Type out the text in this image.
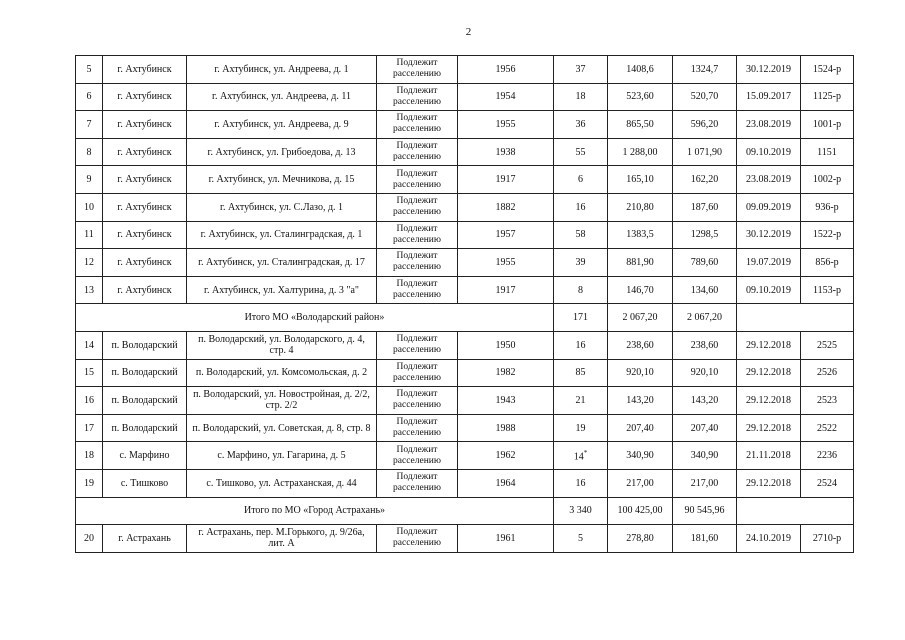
2
5	г. Ахтубинск	г. Ахтубинск, ул. Андреева, д. 1	Подлежит расселению	1956	37	1408,6	1324,7	30.12.2019	1524-р
6	г. Ахтубинск	г. Ахтубинск, ул. Андреева, д. 11	Подлежит расселению	1954	18	523,60	520,70	15.09.2017	1125-р
7	г. Ахтубинск	г. Ахтубинск, ул. Андреева, д. 9	Подлежит расселению	1955	36	865,50	596,20	23.08.2019	1001-р
8	г. Ахтубинск	г. Ахтубинск, ул. Грибоедова, д. 13	Подлежит расселению	1938	55	1 288,00	1 071,90	09.10.2019	1151
9	г. Ахтубинск	г. Ахтубинск, ул. Мечникова, д. 15	Подлежит расселению	1917	6	165,10	162,20	23.08.2019	1002-р
10	г. Ахтубинск	г. Ахтубинск, ул. С.Лазо, д. 1	Подлежит расселению	1882	16	210,80	187,60	09.09.2019	936-р
11	г. Ахтубинск	г. Ахтубинск, ул. Сталинградская, д. 1	Подлежит расселению	1957	58	1383,5	1298,5	30.12.2019	1522-р
12	г. Ахтубинск	г. Ахтубинск, ул. Сталинградская, д. 17	Подлежит расселению	1955	39	881,90	789,60	19.07.2019	856-р
13	г. Ахтубинск	г. Ахтубинск, ул. Халтурина, д. 3 "а"	Подлежит расселению	1917	8	146,70	134,60	09.10.2019	1153-р
Итого МО «Володарский район»					171	2 067,20	2 067,20		
14	п. Володарский	п. Володарский, ул. Володарского, д. 4, стр. 4	Подлежит расселению	1950	16	238,60	238,60	29.12.2018	2525
15	п. Володарский	п. Володарский, ул. Комсомольская, д. 2	Подлежит расселению	1982	85	920,10	920,10	29.12.2018	2526
16	п. Володарский	п. Володарский, ул. Новостройная, д. 2/2, стр. 2/2	Подлежит расселению	1943	21	143,20	143,20	29.12.2018	2523
17	п. Володарский	п. Володарский, ул. Советская, д. 8, стр. 8	Подлежит расселению	1988	19	207,40	207,40	29.12.2018	2522
18	с. Марфино	с. Марфино, ул. Гагарина, д. 5	Подлежит расселению	1962	14*	340,90	340,90	21.11.2018	2236
19	с. Тишково	с. Тишково, ул. Астраханская, д. 44	Подлежит расселению	1964	16	217,00	217,00	29.12.2018	2524
Итого по МО «Город Астрахань»					3 340	100 425,00	90 545,96		
20	г. Астрахань	г. Астрахань, пер. М.Горького, д. 9/26а, лит. А	Подлежит расселению	1961	5	278,80	181,60	24.10.2019	2710-р
